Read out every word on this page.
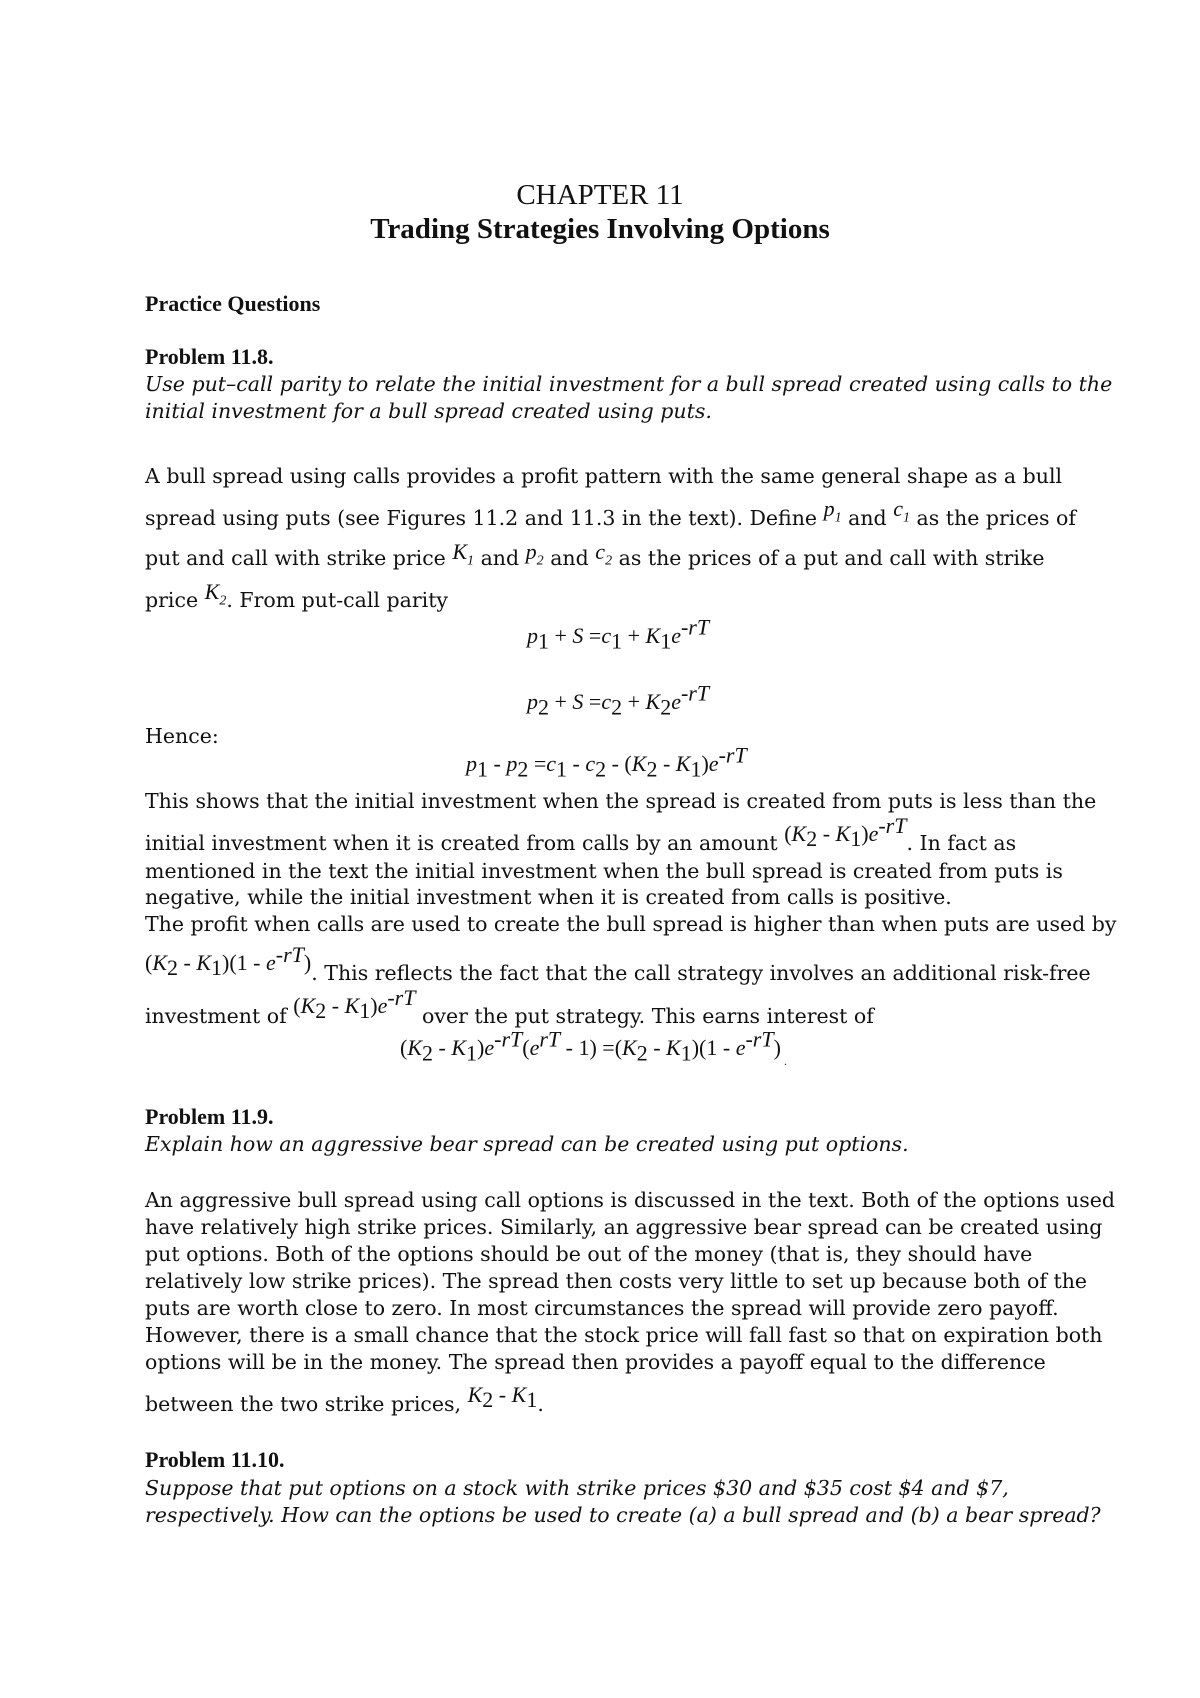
CHAPTER 11
Trading Strategies Involving Options
Practice Questions
Problem 11.8.
Use put–call parity to relate the initial investment for a bull spread created using calls to the
initial investment for a bull spread created using puts.
A bull spread using calls provides a profit pattern with the same general shape as a bull
spread using puts (see Figures 11.2 and 11.3 in the text). Define $p_1$ and $c_1$ as the prices of
put and call with strike price $K_1$ and $p_2$ and $c_2$ as the prices of a put and call with strike
price $K_2$. From put-call parity
$p_1 + S =c_1 + K_1e^{-rT}$
$p_2 + S =c_2 + K_2e^{-rT}$
Hence:
$p_1 - p_2 =c_1 - c_2 - (K_2 - K_1)e^{-rT}$
This shows that the initial investment when the spread is created from puts is less than the
initial investment when it is created from calls by an amount $(K_2 - K_1)e^{-rT}$. In fact as
mentioned in the text the initial investment when the bull spread is created from puts is
negative, while the initial investment when it is created from calls is positive.
The profit when calls are used to create the bull spread is higher than when puts are used by
$(K_2 - K_1)(1 - e^{-rT})$. This reflects the fact that the call strategy involves an additional risk-free
investment of $(K_2 - K_1)e^{-rT}$ over the put strategy. This earns interest of
$(K_2 - K_1)e^{-rT}(e^{rT} - 1) =(K_2 - K_1)(1 - e^{-rT})$ $_.$
Problem 11.9.
Explain how an aggressive bear spread can be created using put options.
An aggressive bull spread using call options is discussed in the text. Both of the options used
have relatively high strike prices. Similarly, an aggressive bear spread can be created using
put options. Both of the options should be out of the money (that is, they should have
relatively low strike prices). The spread then costs very little to set up because both of the
puts are worth close to zero. In most circumstances the spread will provide zero payoff.
However, there is a small chance that the stock price will fall fast so that on expiration both
options will be in the money. The spread then provides a payoff equal to the difference
between the two strike prices, $K_2 - K_1$.
Problem 11.10.
Suppose that put options on a stock with strike prices $30 and $35 cost $4 and $7,
respectively. How can the options be used to create (a) a bull spread and (b) a bear spread?
